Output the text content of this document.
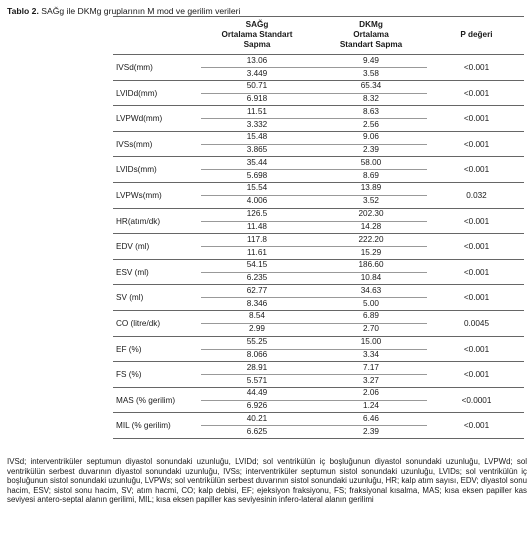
Tablo 2. SAĞg ile DKMg gruplarının M mod ve gerilim verileri
SAĞg
Ortalama Standart
Sapma
DKMg
Ortalama
Standart Sapma
P değeri
IVSd(mm)
13.06
3.449
9.49
3.58
<0.001
LVIDd(mm)
50.71
6.918
65.34
8.32
<0.001
LVPWd(mm)
11.51
3.332
8.63
2.56
<0.001
IVSs(mm)
15.48
3.865
9.06
2.39
<0.001
LVIDs(mm)
35.44
5.698
58.00
8.69
<0.001
LVPWs(mm)
15.54
4.006
13.89
3.52
0.032
HR(atım/dk)
126.5
11.48
202.30
14.28
<0.001
EDV (ml)
117.8
11.61
222.20
15.29
<0.001
ESV (ml)
54.15
6.235
186.60
10.84
<0.001
SV (ml)
62.77
8.346
34.63
5.00
<0.001
CO (litre/dk)
8.54
2.99
6.89
2.70
0.0045
EF (%)
55.25
8.066
15.00
3.34
<0.001
FS (%)
28.91
5.571
7.17
3.27
<0.001
MAS (% gerilim)
44.49
6.926
2.06
1.24
<0.0001
MIL (% gerilim)
40.21
6.625
6.46
2.39
<0.001
IVSd; interventriküler septumun diyastol sonundaki uzunluğu, LVIDd; sol ventrikülün iç boşluğunun diyastol sonundaki uzunluğu, LVPWd; sol ventrikülün serbest duvarının diyastol sonundaki uzunluğu, IVSs; interventriküler septumun sistol sonundaki uzunluğu, LVIDs; sol ventrikülün iç boşluğunun sistol sonundaki uzunluğu, LVPWs; sol ventrikülün serbest duvarının sistol sonundaki uzunluğu, HR; kalp atım sayısı, EDV; diyastol sonu hacim, ESV; sistol sonu hacim, SV; atım hacmi, CO; kalp debisi, EF; ejeksiyon fraksiyonu, FS; fraksiyonal kısalma, MAS; kısa eksen papiller kas seviyesi antero-septal alanın gerilimi, MIL; kısa eksen papiller kas seviyesinin infero-lateral alanın gerilimi
